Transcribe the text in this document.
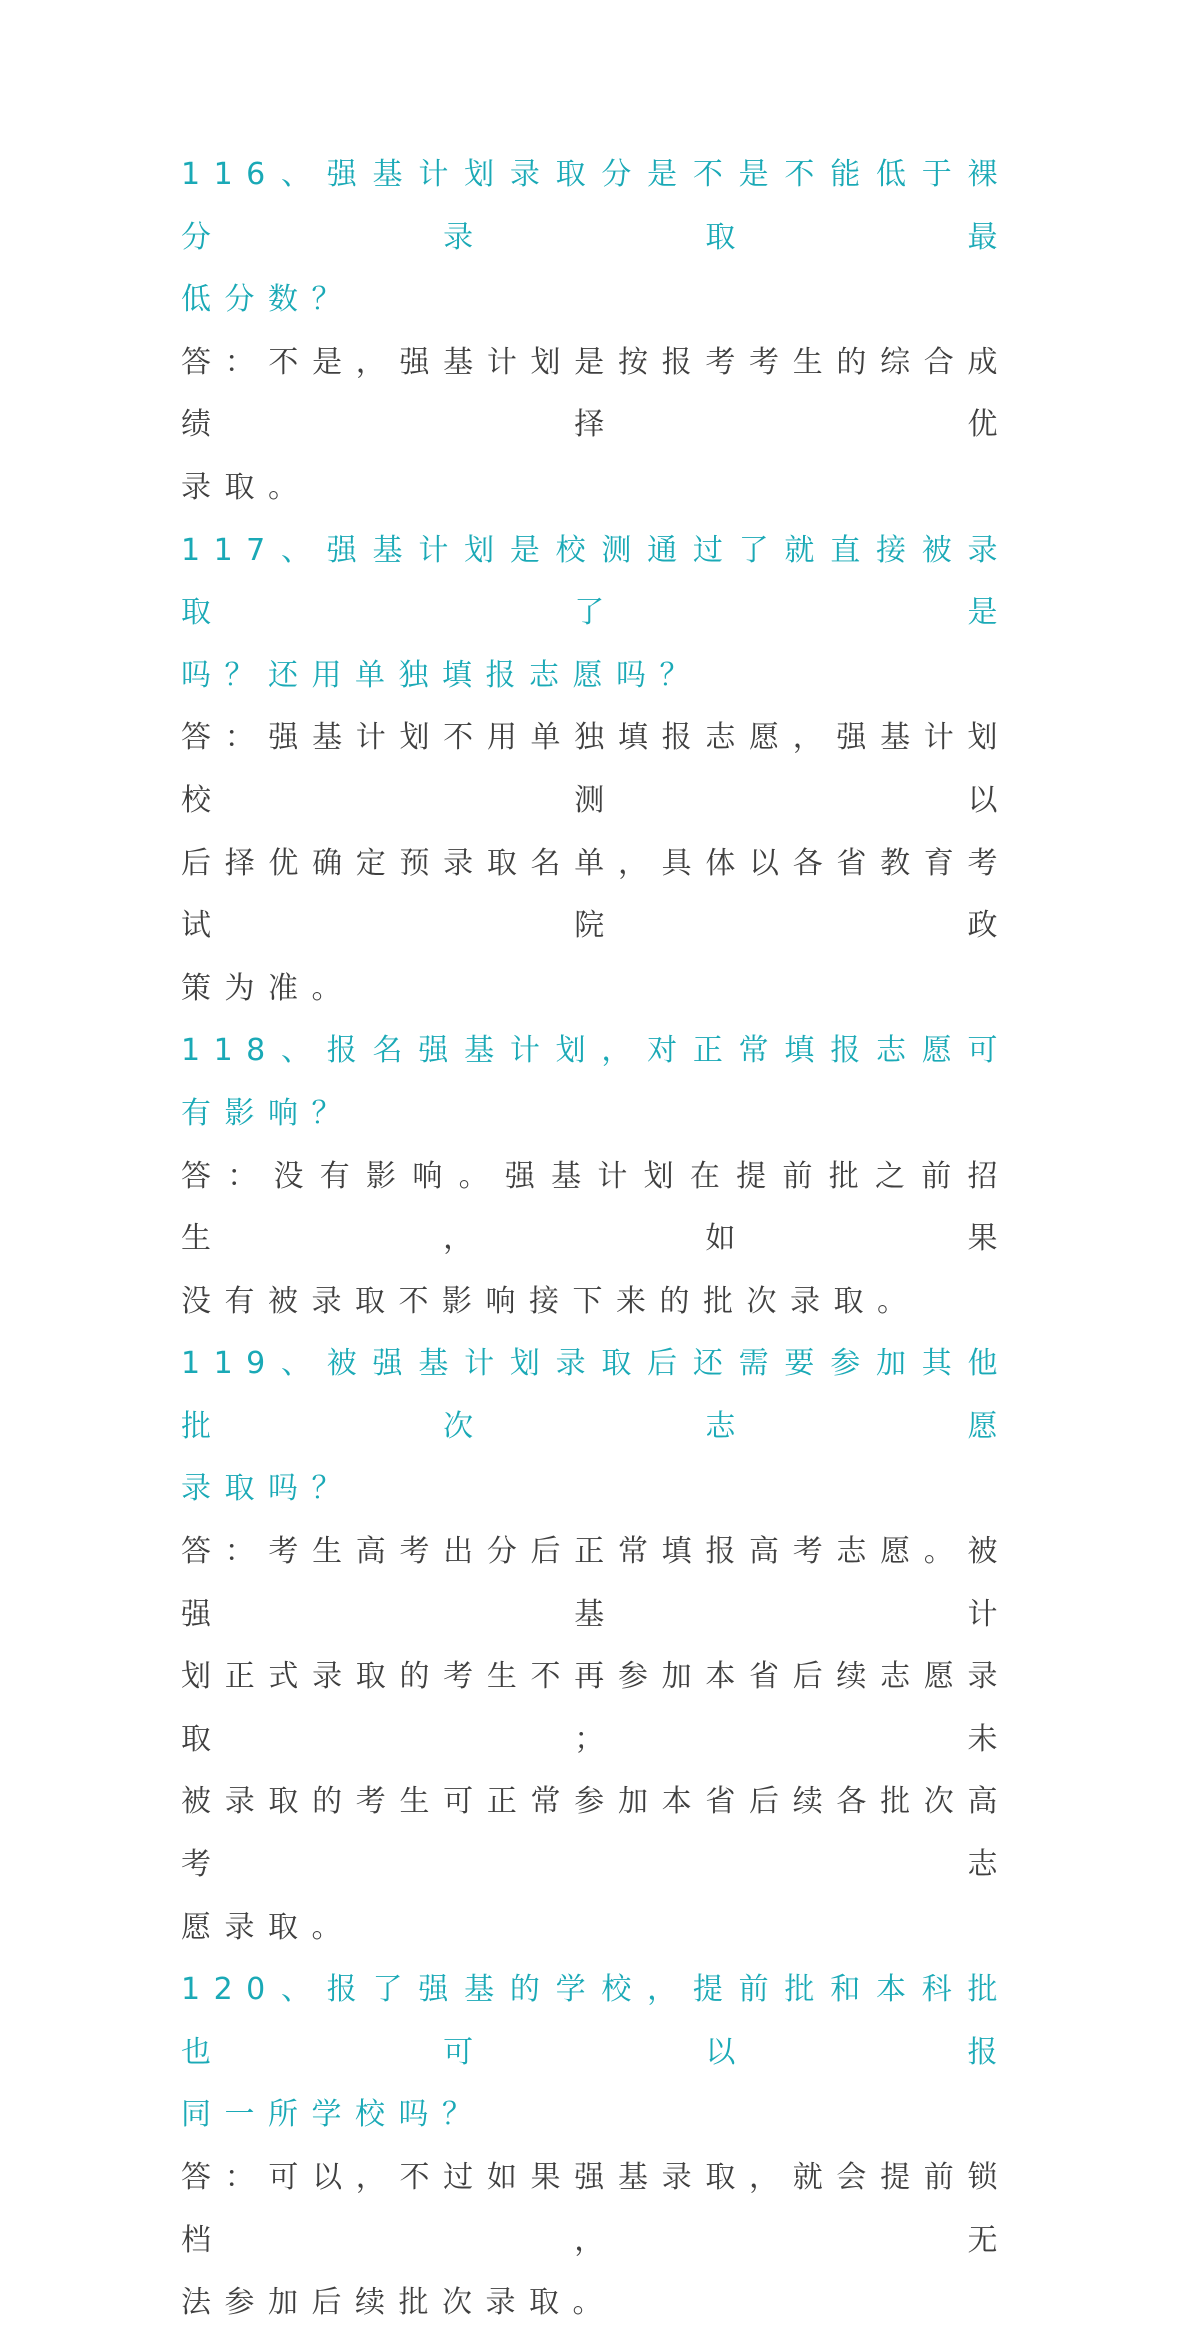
116、强基计划录取分是不是不能低于裸分录取最

低分数？

答：不是，强基计划是按报考考生的综合成绩择优

录取。

117、强基计划是校测通过了就直接被录取了是

吗？还用单独填报志愿吗？

答：强基计划不用单独填报志愿，强基计划校测以

后择优确定预录取名单，具体以各省教育考试院政

策为准。

118、报名强基计划，对正常填报志愿可有影响？

答：没有影响。强基计划在提前批之前招生，如果

没有被录取不影响接下来的批次录取。

119、被强基计划录取后还需要参加其他批次志愿

录取吗？

答：考生高考出分后正常填报高考志愿。被强基计

划正式录取的考生不再参加本省后续志愿录取；未

被录取的考生可正常参加本省后续各批次高考志

愿录取。

120、报了强基的学校，提前批和本科批也可以报

同一所学校吗？

答：可以，不过如果强基录取，就会提前锁档，无

法参加后续批次录取。
